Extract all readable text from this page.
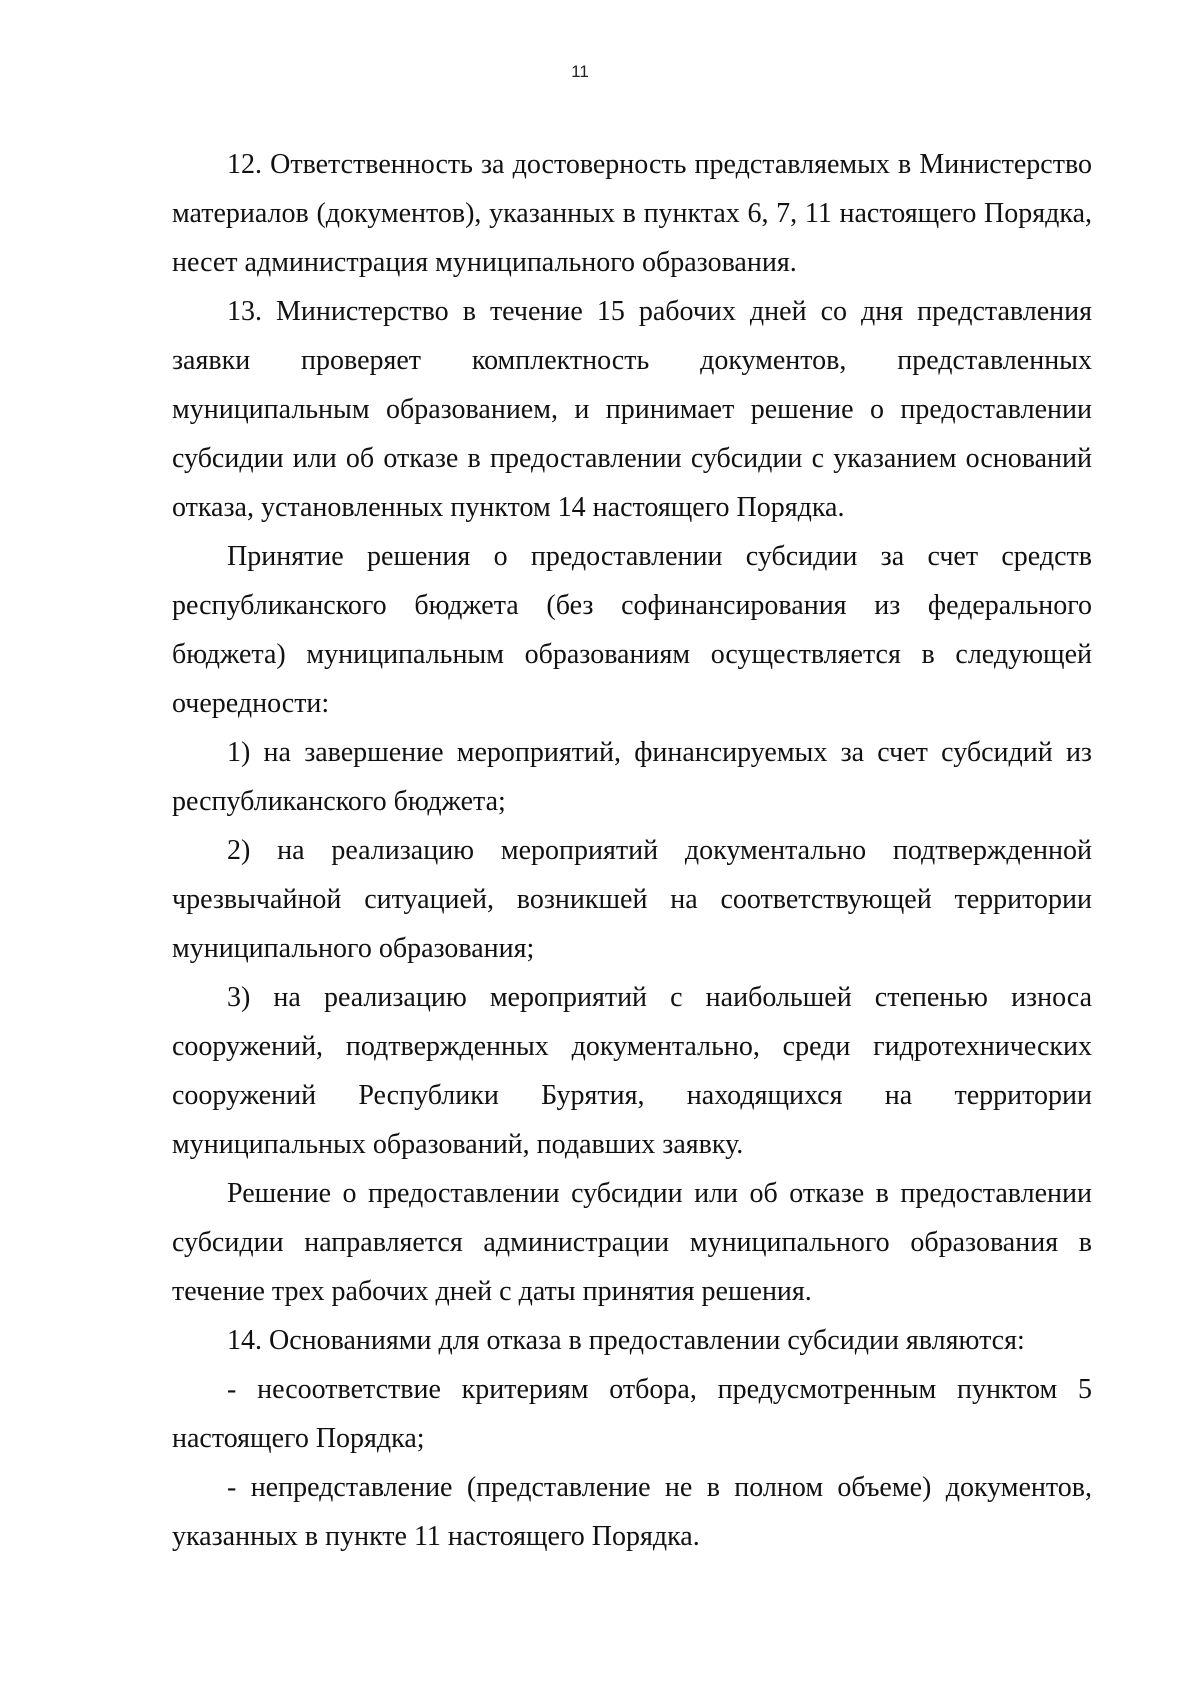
11

12. Ответственность за достоверность представляемых в Министерство материалов (документов), указанных в пунктах 6, 7, 11 настоящего Порядка, несет администрация муниципального образования.

13. Министерство в течение 15 рабочих дней со дня представления заявки проверяет комплектность документов, представленных муниципальным образованием, и принимает решение о предоставлении субсидии или об отказе в предоставлении субсидии с указанием оснований отказа, установленных пунктом 14 настоящего Порядка.

Принятие решения о предоставлении субсидии за счет средств республиканского бюджета (без софинансирования из федерального бюджета) муниципальным образованиям осуществляется в следующей очередности:

1) на завершение мероприятий, финансируемых за счет субсидий из республиканского бюджета;

2) на реализацию мероприятий документально подтвержденной чрезвычайной ситуацией, возникшей на соответствующей территории муниципального образования;

3) на реализацию мероприятий с наибольшей степенью износа сооружений, подтвержденных документально, среди гидротехнических сооружений Республики Бурятия, находящихся на территории муниципальных образований, подавших заявку.

Решение о предоставлении субсидии или об отказе в предоставлении субсидии направляется администрации муниципального образования в течение трех рабочих дней с даты принятия решения.

14. Основаниями для отказа в предоставлении субсидии являются:

- несоответствие критериям отбора, предусмотренным пунктом 5 настоящего Порядка;

- непредставление (представление не в полном объеме) документов, указанных в пункте 11 настоящего Порядка.
